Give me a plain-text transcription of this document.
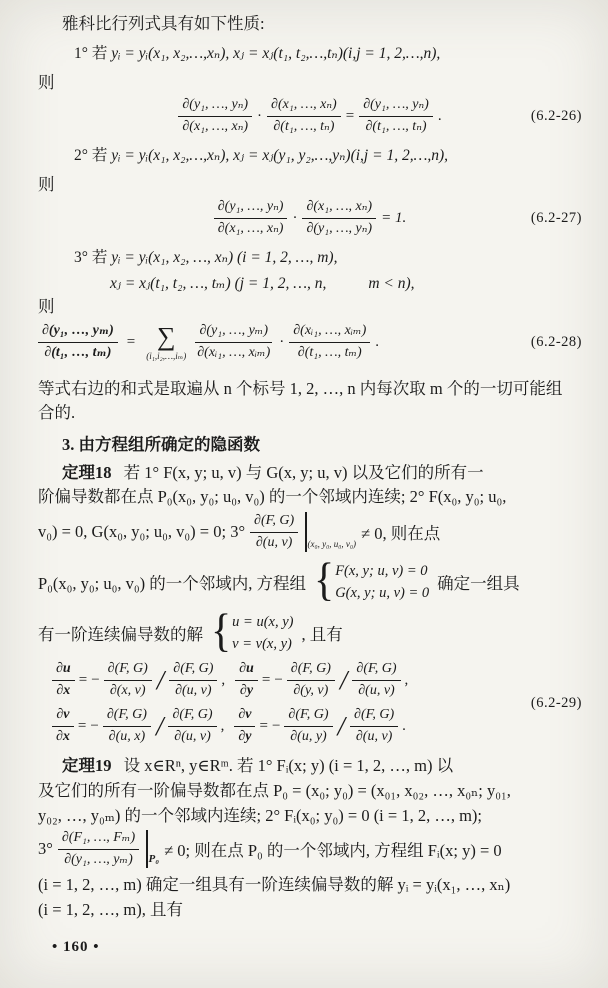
雅科比行列式具有如下性质:
1° 若 yᵢ = yᵢ(x₁, x₂,…,xₙ), xⱼ = xⱼ(t₁, t₂,…,tₙ)(i,j = 1, 2,…,n),
则
$\frac{\text{∂(y₁, …, yₙ)}}{\text{∂(x₁, …, xₙ)}} \cdot \frac{\text{∂(x₁, …, xₙ)}}{\text{∂(t₁, …, tₙ)}} = \frac{\text{∂(y₁, …, yₙ)}}{\text{∂(t₁, …, tₙ)}}$ .	(6.2-26)
2° 若 yᵢ = yᵢ(x₁, x₂,…,xₙ), xⱼ = xⱼ(y₁, y₂,…,yₙ)(i,j = 1, 2,…,n),
则
$\frac{\text{∂(y₁, …, yₙ)}}{\text{∂(x₁, …, xₙ)}} \cdot \frac{\text{∂(x₁, …, xₙ)}}{\text{∂(y₁, …, yₙ)}} = 1$.	(6.2-27)
3° 若 yᵢ = yᵢ(x₁, x₂, …, xₙ) (i = 1, 2, …, m),
xⱼ = xⱼ(t₁, t₂, …, tₘ) (j = 1, 2, …, n,	m < n),
则
$\frac{\text{∂(y₁, …, yₘ)}}{\text{∂(t₁, …, tₘ)}}$ = ∑
(i₁,i₂,…,iₘ) $\frac{\text{∂(y₁, …, yₘ)}}{\text{∂(xᵢ₁, …, xᵢₘ)}} \cdot \frac{\text{∂(xᵢ₁, …, xᵢₘ)}}{\text{∂(t₁, …, tₘ)}}$ .	(6.2-28)
等式右边的和式是取遍从 n 个标号 1, 2, …, n 内每次取 m 个的一切可能组
合的.
3. 由方程组所确定的隐函数
定理18 若 1° F(x, y; u, v) 与 G(x, y; u, v) 以及它们的所有一
阶偏导数都在点 P₀(x₀, y₀; u₀, v₀) 的一个邻域内连续; 2° F(x₀, y₀; u₀,
v₀) = 0, G(x₀, y₀; u₀, v₀) = 0; $3^\circ \frac{\partial(F, G)}{\partial(u, v)} (x_0$, y₀, u₀, v₀)
≠ 0, 则在点
P₀(x₀, y₀; u₀, v₀) 的一个邻域内, 方程组 { F(x, y; u, v) = 0
G(x, y; u, v) = 0 确定一组具
有一阶连续偏导数的解 { u = u(x, y)
v = v(x, y) , 且有
$\frac{\partial u}{\partial x}$ = − $\frac{\partial(F, G)}{\partial(x, v)} / \frac{\partial(F, G)}{\partial(u, v)}$ , $\frac{\partial u}{\partial y}$ = − $\frac{\partial(F, G)}{\partial(y, v)} / \frac{\partial(F, G)}{\partial(u, v)}$ ,
$\frac{\partial v}{\partial x}$ = − $\frac{\partial(F, G)}{\partial(u, x)} / \frac{\partial(F, G)}{\partial(u, v)}$ , $\frac{\partial v}{\partial y}$ = − $\frac{\partial(F, G)}{\partial(u, y)} / \frac{\partial(F, G)}{\partial(u, v)}$ .
(6.2-29)
定理19 设 x∈Rⁿ, y∈Rᵐ. 若 1° Fᵢ(x; y) (i = 1, 2, …, m) 以
及它们的所有一阶偏导数都在点 P₀ = (x₀; y₀) = (x₀₁, x₀₂, …, x₀ₙ; y₀₁,
y₀₂, …, y₀ₘ) 的一个邻域内连续; 2° Fᵢ(x₀; y₀) = 0 (i = 1, 2, …, m);
$3^\circ \frac{\text{∂(F₁, …, Fₘ)}}{\text{∂(y₁, …, yₘ)}} P_0 \ne 0$; 则在点 P₀ 的一个邻域内, 方程组 Fᵢ(x; y) = 0
(i = 1, 2, …, m) 确定一组具有一阶连续偏导数的解 yᵢ = yᵢ(x₁, …, xₙ)
(i = 1, 2, …, m), 且有
• 160 •
